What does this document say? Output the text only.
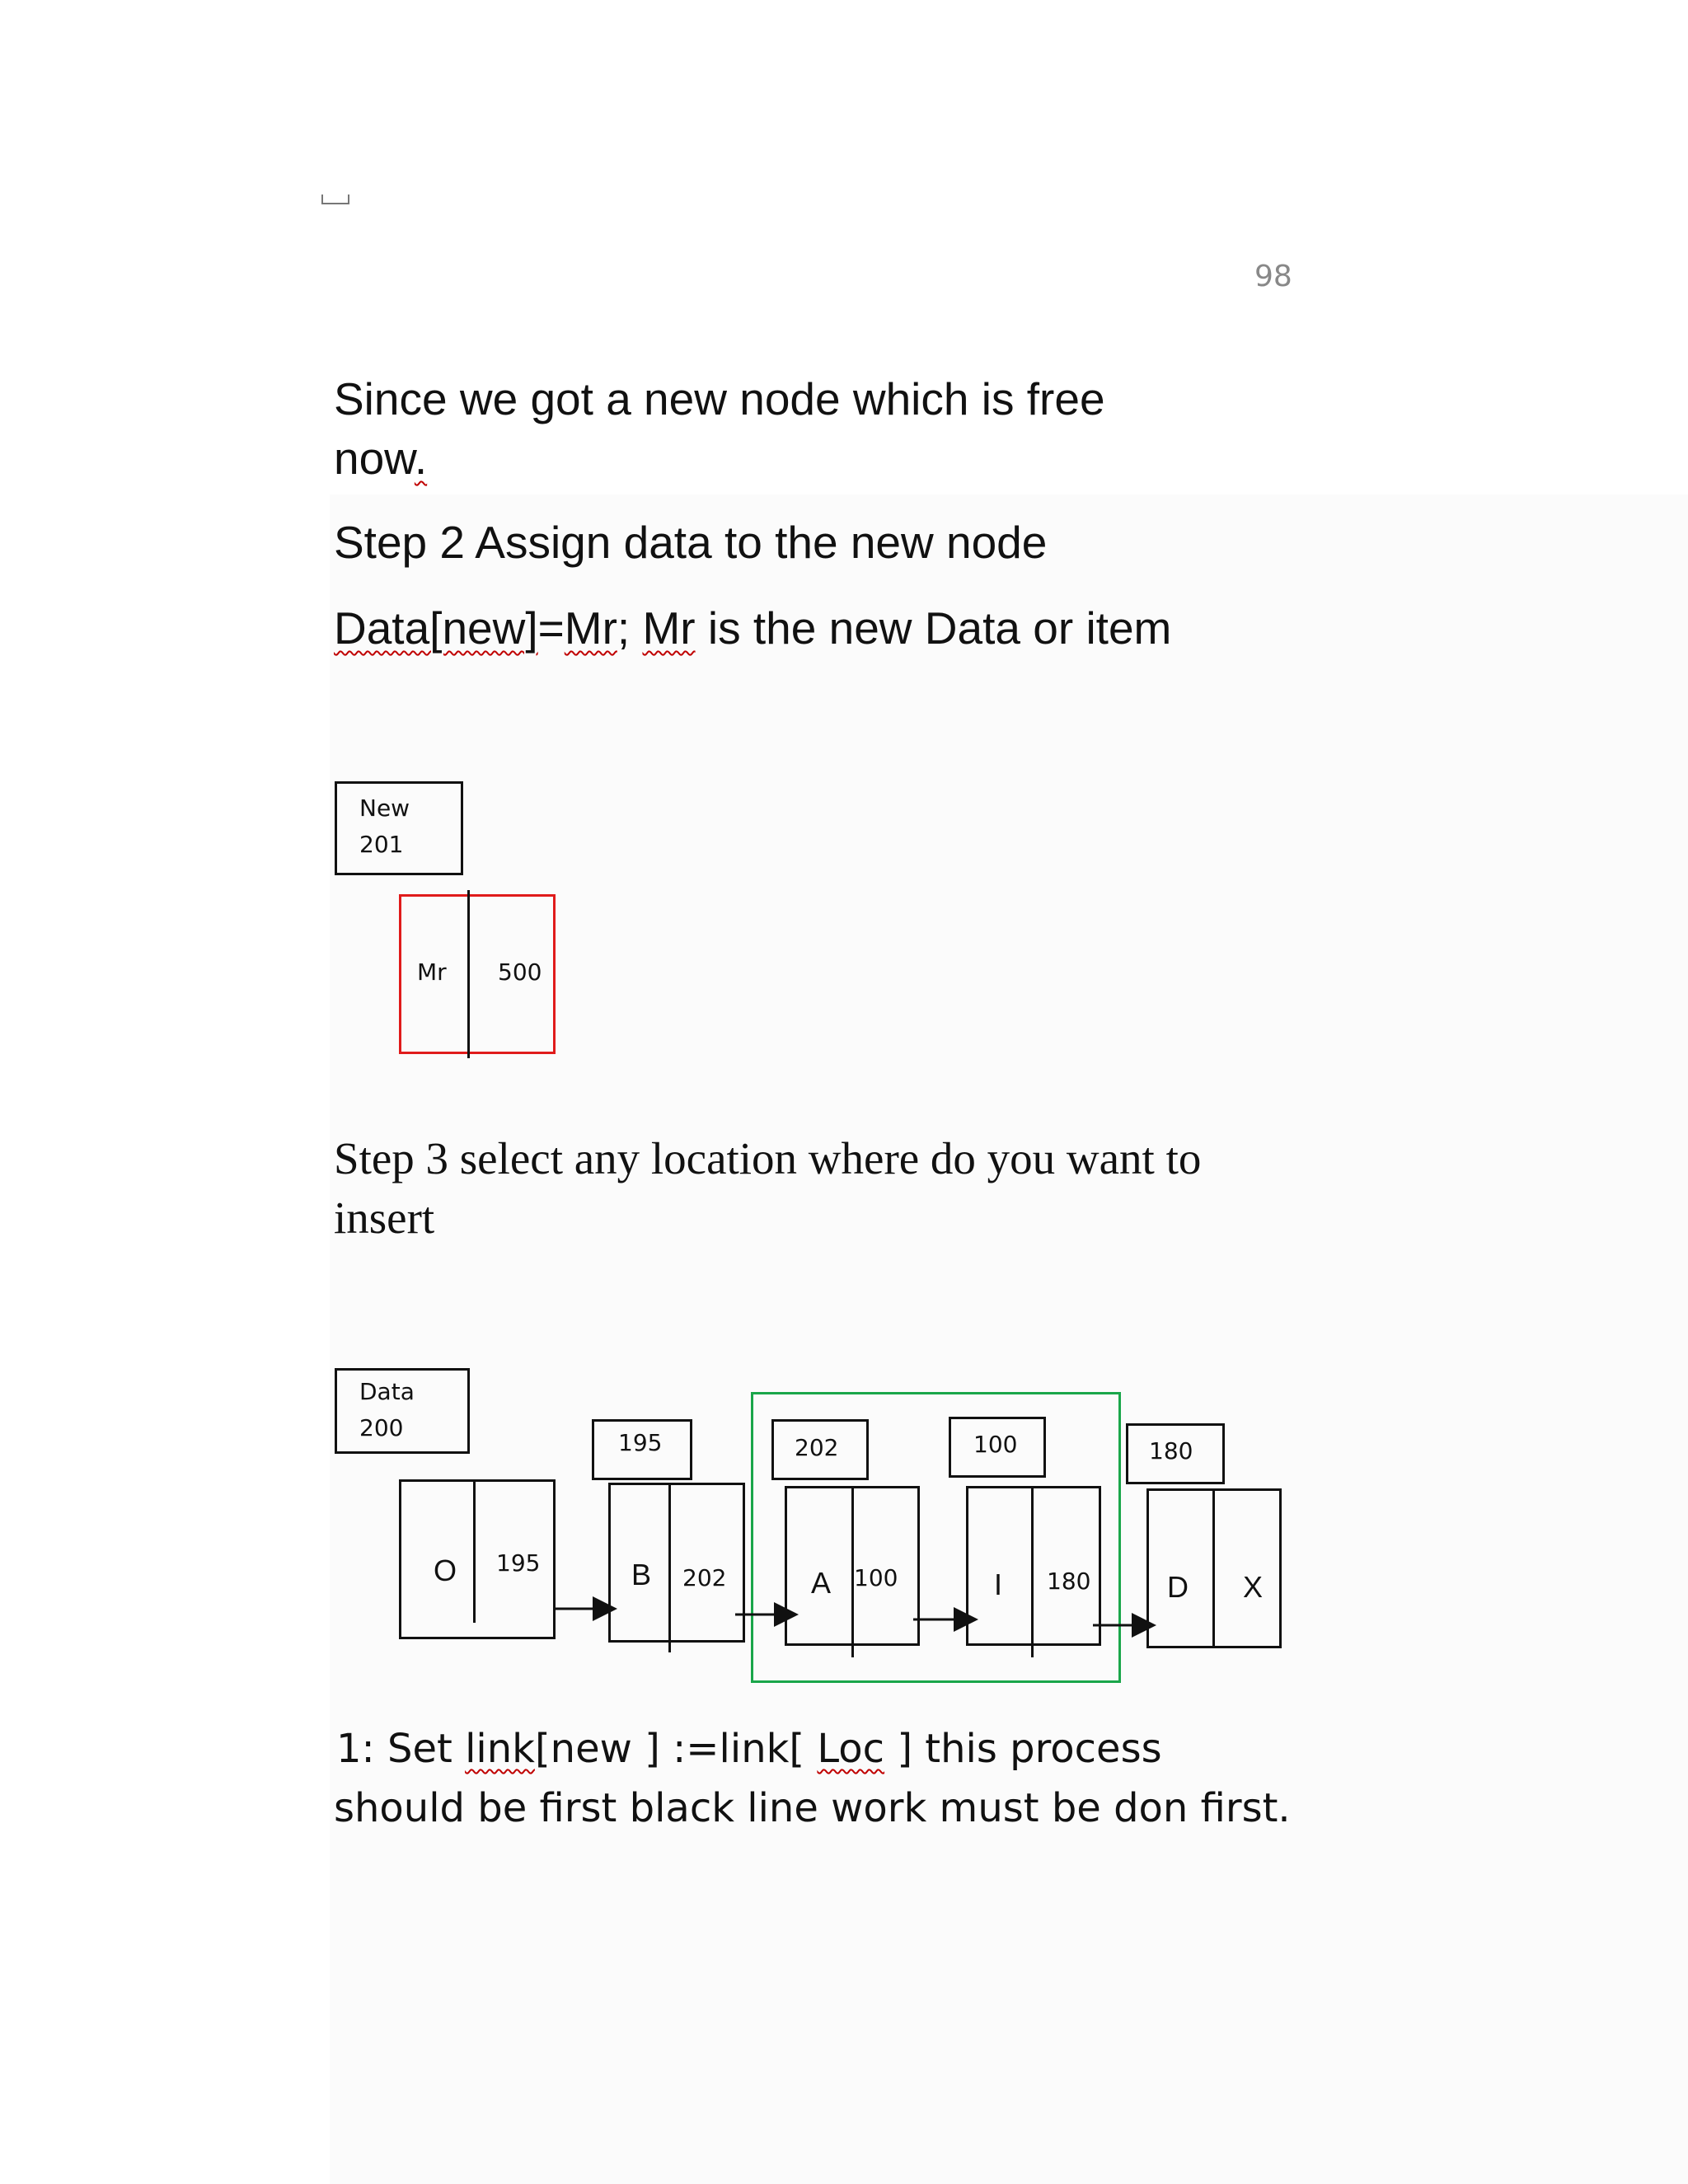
98
Since we got a new node which is free
now.
Step 2 Assign data to the new node
Data[new]=Mr; Mr is the new Data or item
New
201
Mr 500
Step 3 select any location where do you want to
insert
Data
200
O 195
195
B 202
202
A 100
100
I 180
180
D X
1: Set link[new ] :=link[ Loc ] this process
should be first black line work must be don first.
